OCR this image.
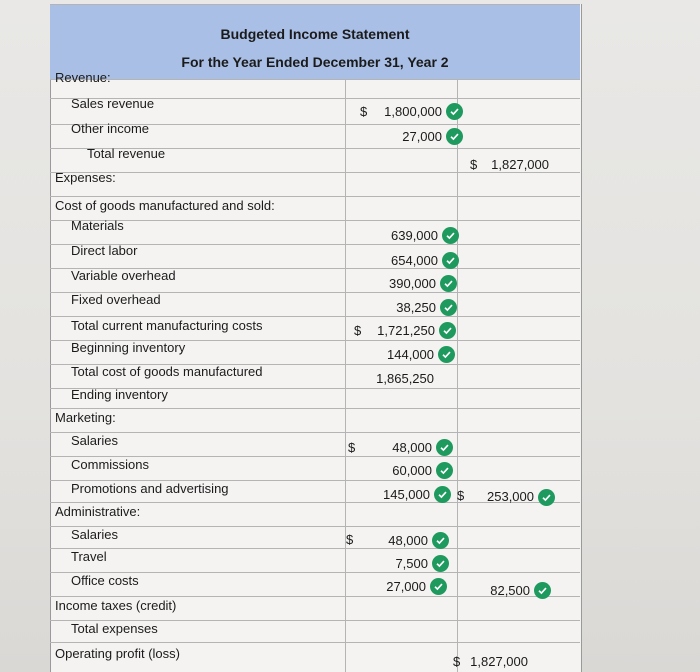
Budgeted Income Statement
For the Year Ended December 31, Year 2
Revenue:
Sales revenue
Other income
Total revenue
Expenses:
Cost of goods manufactured and sold:
Materials
Direct labor
Variable overhead
Fixed overhead
Total current manufacturing costs
Beginning inventory
Total cost of goods manufactured
Ending inventory
Marketing:
Salaries
Commissions
Promotions and advertising
Administrative:
Salaries
Travel
Office costs
Income taxes (credit)
Total expenses
Operating profit (loss)
$
$
$
$
$
$
$
1,800,000
27,000
639,000
654,000
390,000
38,250
1,721,250
144,000
1,865,250
48,000
60,000
145,000
48,000
7,500
27,000
1,827,000
253,000
82,500
1,827,000
